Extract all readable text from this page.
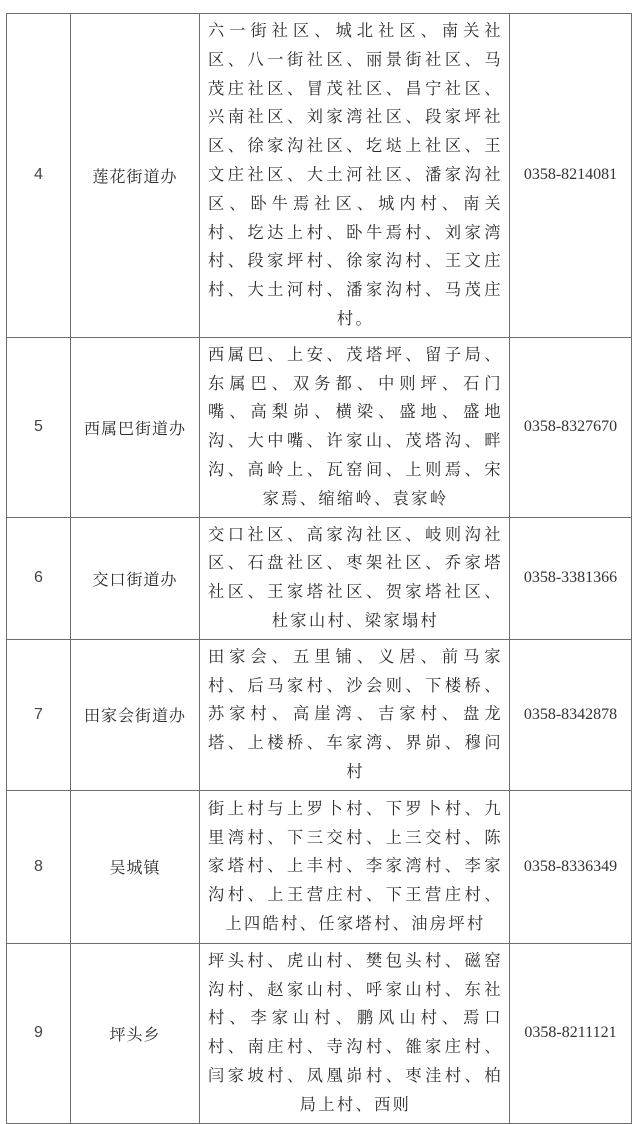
4	莲花街道办	六一街社区、城北社区、南关社区、八一街社区、丽景街社区、马茂庄社区、冒茂社区、昌宁社区、兴南社区、刘家湾社区、段家坪社区、徐家沟社区、圪垯上社区、王文庄社区、大土河社区、潘家沟社区、卧牛焉社区、城内村、南关村、圪达上村、卧牛焉村、刘家湾村、段家坪村、徐家沟村、王文庄村、大土河村、潘家沟村、马茂庄村。	0358-8214081
5	西属巴街道办	西属巴、上安、茂塔坪、留子局、东属巴、双务都、中则坪、石门嘴、高梨峁、横梁、盛地、盛地沟、大中嘴、许家山、茂塔沟、畔沟、高岭上、瓦窑间、上则焉、宋家焉、缩缩岭、袁家岭	0358-8327670
6	交口街道办	交口社区、高家沟社区、岐则沟社区、石盘社区、枣架社区、乔家塔社区、王家塔社区、贺家塔社区、杜家山村、梁家塌村	0358-3381366
7	田家会街道办	田家会、五里铺、义居、前马家村、后马家村、沙会则、下楼桥、苏家村、高崖湾、吉家村、盘龙塔、上楼桥、车家湾、界峁、穆问村	0358-8342878
8	吴城镇	街上村与上罗卜村、下罗卜村、九里湾村、下三交村、上三交村、陈家塔村、上丰村、李家湾村、李家沟村、上王营庄村、下王营庄村、上四皓村、任家塔村、油房坪村	0358-8336349
9	坪头乡	坪头村、虎山村、樊包头村、磁窑沟村、赵家山村、呼家山村、东社村、李家山村、鹏风山村、焉口村、南庄村、寺沟村、雒家庄村、闫家坡村、凤凰峁村、枣洼村、柏局上村、西则	0358-8211121
